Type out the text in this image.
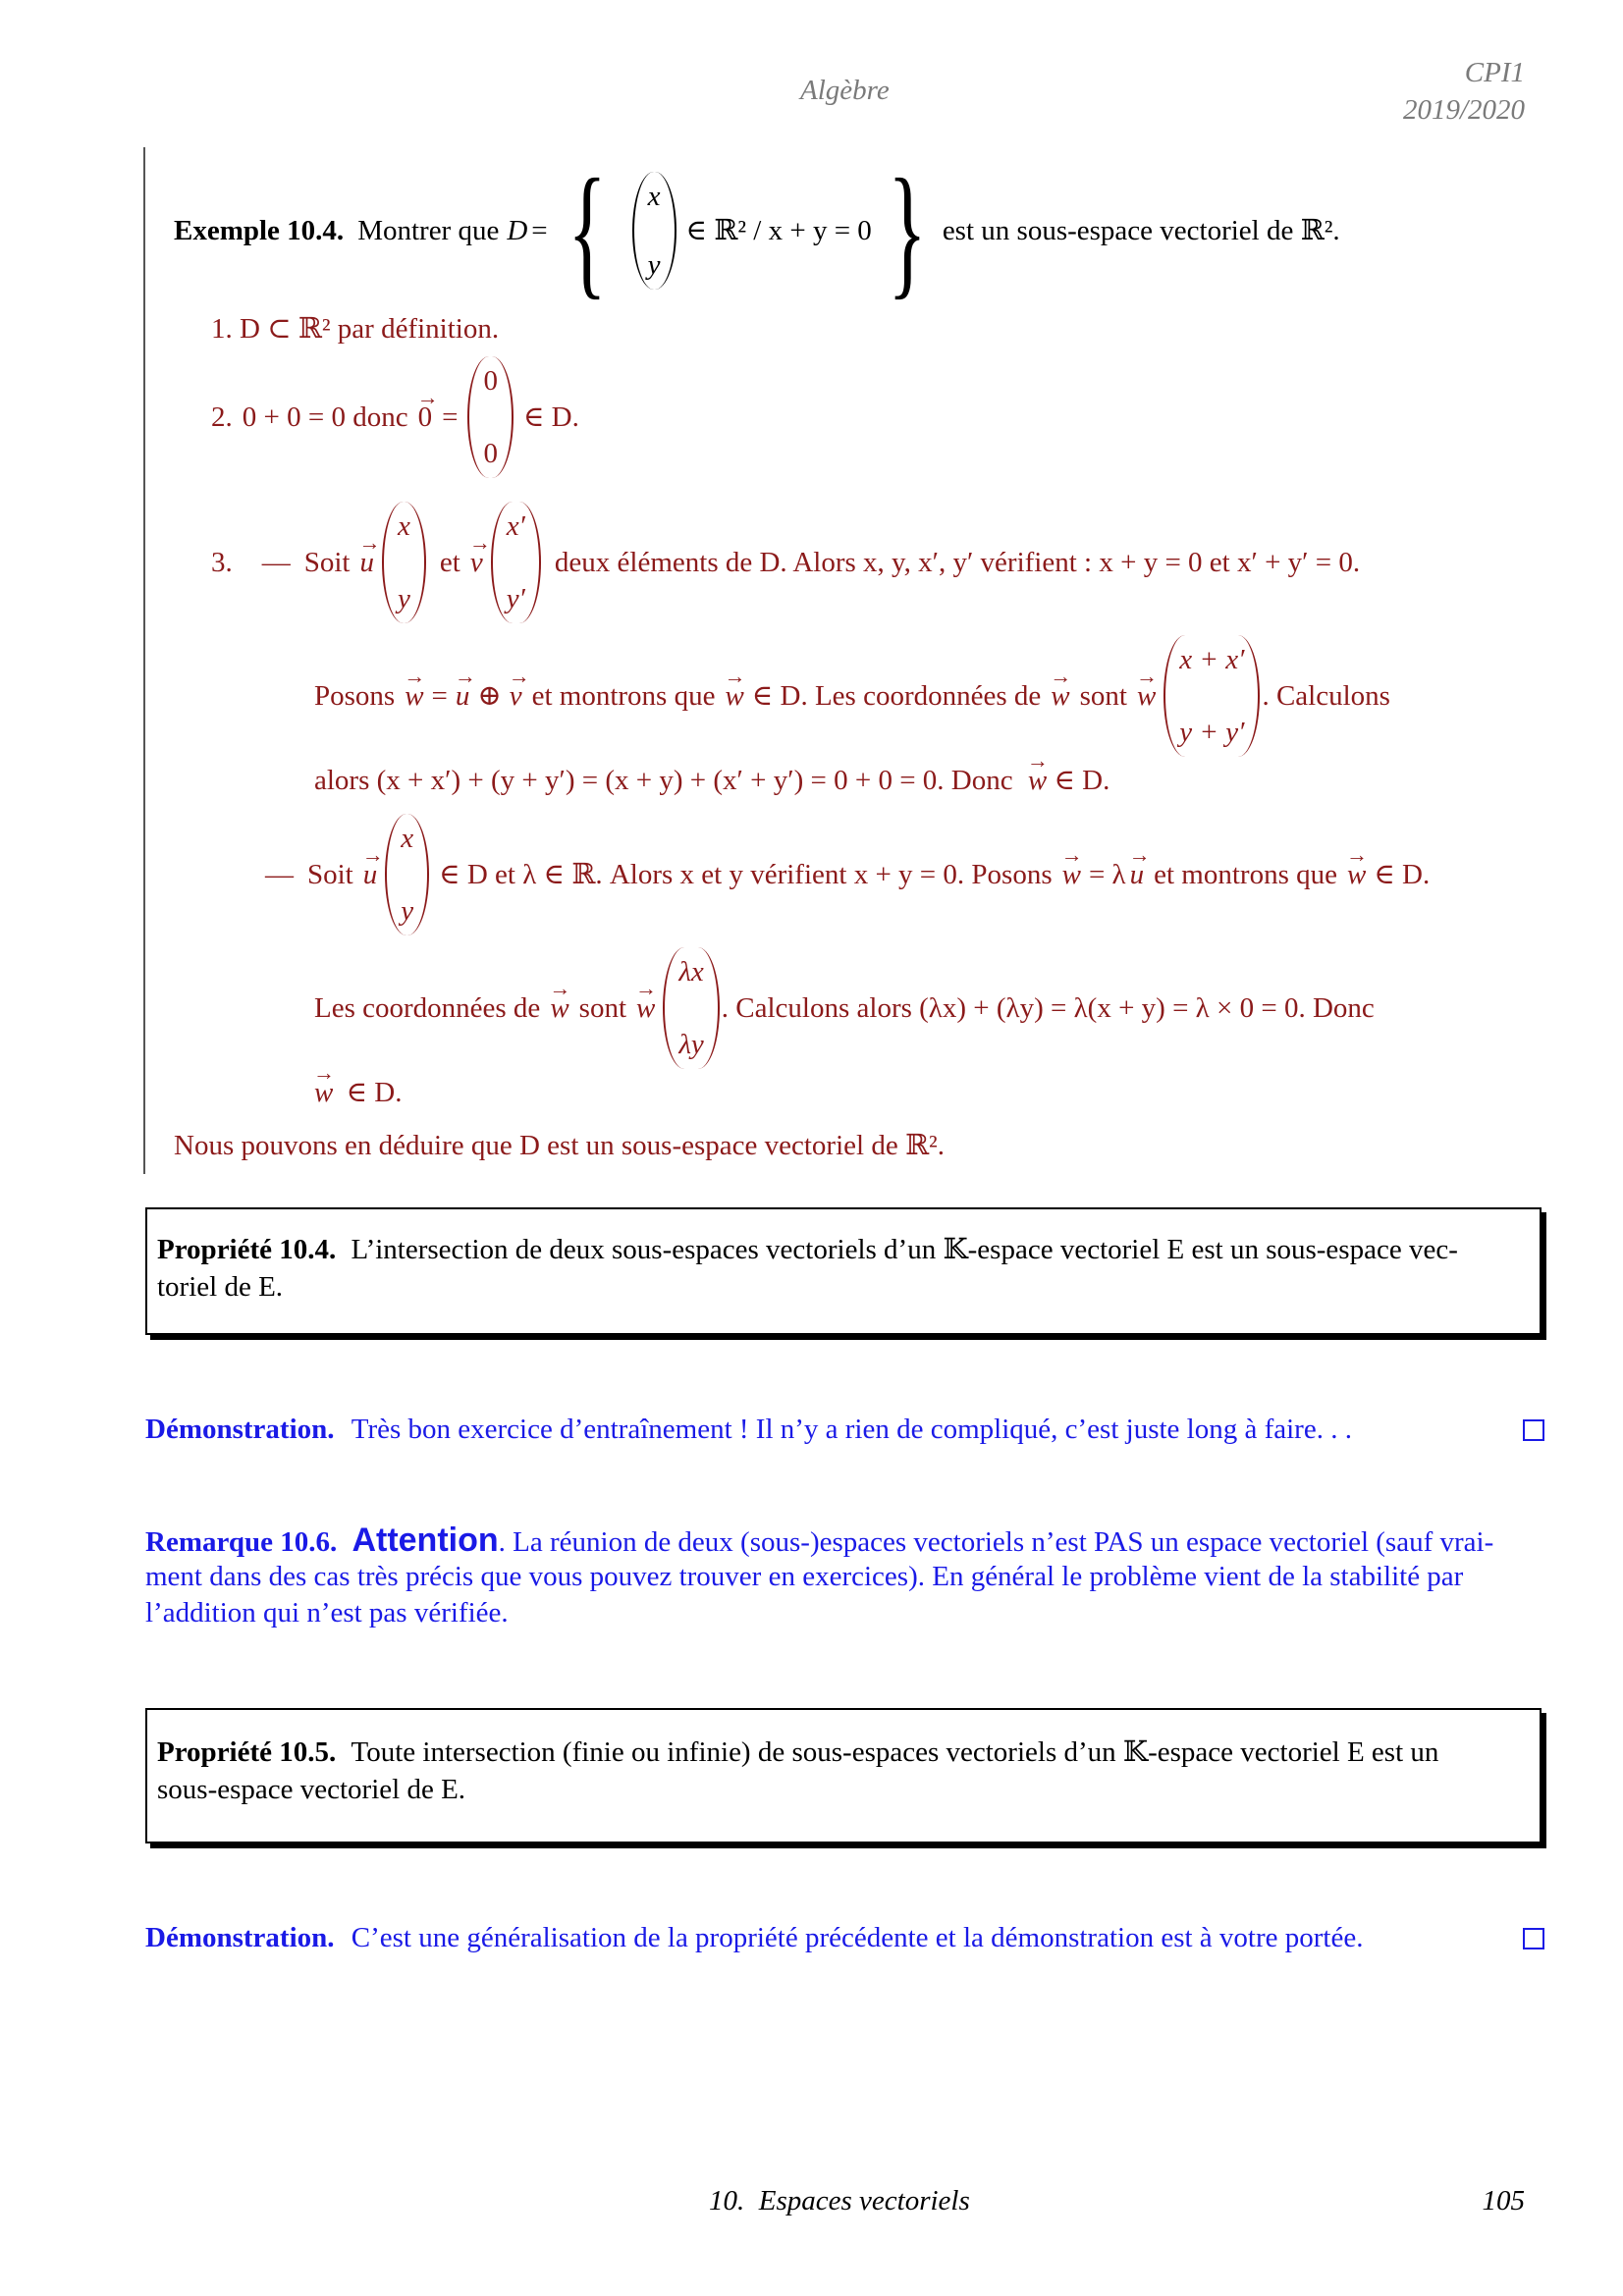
Algèbre
CPI1
2019/2020
Exemple 10.4. Montrer que D = { x
y
∈ ℝ² / x + y = 0 } est un sous-espace vectoriel de ℝ².
1. D ⊂ ℝ² par définition.
2. 0 + 0 = 0 donc → 0 =
0
0
∈ D.
3. — Soit → u
x
y
et → v
x′
y′
deux éléments de D. Alors x, y, x′, y′ vérifient : x + y = 0 et x′ + y′ = 0.
Posons → w = → u ⊕ → v et montrons que → w ∈ D. Les coordonnées de → w sont → w
x + x′
y + y′
. Calculons
alors (x + x′) + (y + y′) = (x + y) + (x′ + y′) = 0 + 0 = 0. Donc → w ∈ D.
— Soit → u
x
y
∈ D et λ ∈ ℝ. Alors x et y vérifient x + y = 0. Posons → w = λ → u et montrons que → w ∈ D.
Les coordonnées de → w sont → w
λx
λy
. Calculons alors (λx) + (λy) = λ(x + y) = λ × 0 = 0. Donc
→ w ∈ D.
Nous pouvons en déduire que D est un sous-espace vectoriel de ℝ².
Propriété 10.4. L’intersection de deux sous-espaces vectoriels d’un 𝕂-espace vectoriel E est un sous-espace vec-
toriel de E.
Démonstration. Très bon exercice d’entraînement ! Il n’y a rien de compliqué, c’est juste long à faire. . .
Remarque 10.6. Attention. La réunion de deux (sous-)espaces vectoriels n’est PAS un espace vectoriel (sauf vrai-
ment dans des cas très précis que vous pouvez trouver en exercices). En général le problème vient de la stabilité par
l’addition qui n’est pas vérifiée.
Propriété 10.5. Toute intersection (finie ou infinie) de sous-espaces vectoriels d’un 𝕂-espace vectoriel E est un
sous-espace vectoriel de E.
Démonstration. C’est une généralisation de la propriété précédente et la démonstration est à votre portée.
10.  Espaces vectoriels	105
